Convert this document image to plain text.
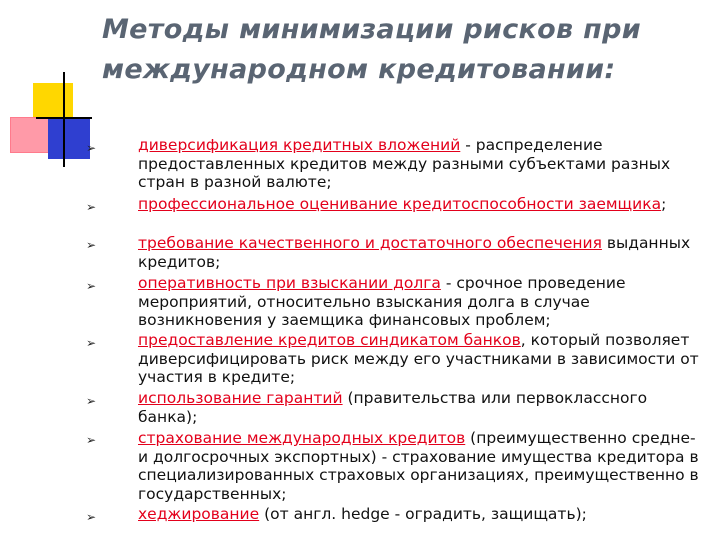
Методы минимизации рисков при международном кредитовании:
➢	диверсификация кредитных вложений - распределение предоставленных кредитов между разными субъектами разных стран в разной валюте;
➢	профессиональное оценивание кредитоспособности заемщика;
➢	требование качественного и достаточного обеспечения выданных кредитов;
➢	оперативность при взыскании долга - срочное проведение мероприятий, относительно взыскания долга в случае возникновения у заемщика финансовых проблем;
➢	предоставление кредитов синдикатом банков, который позволяет диверсифицировать риск между его участниками в зависимости от участия в кредите;
➢	использование гарантий (правительства или первоклассного банка);
➢	страхование международных кредитов (преимущественно средне- и долгосрочных экспортных) - страхование имущества кредитора в специализированных страховых организациях, преимущественно в государственных;
➢	хеджирование (от англ. hedge - оградить, защищать);
